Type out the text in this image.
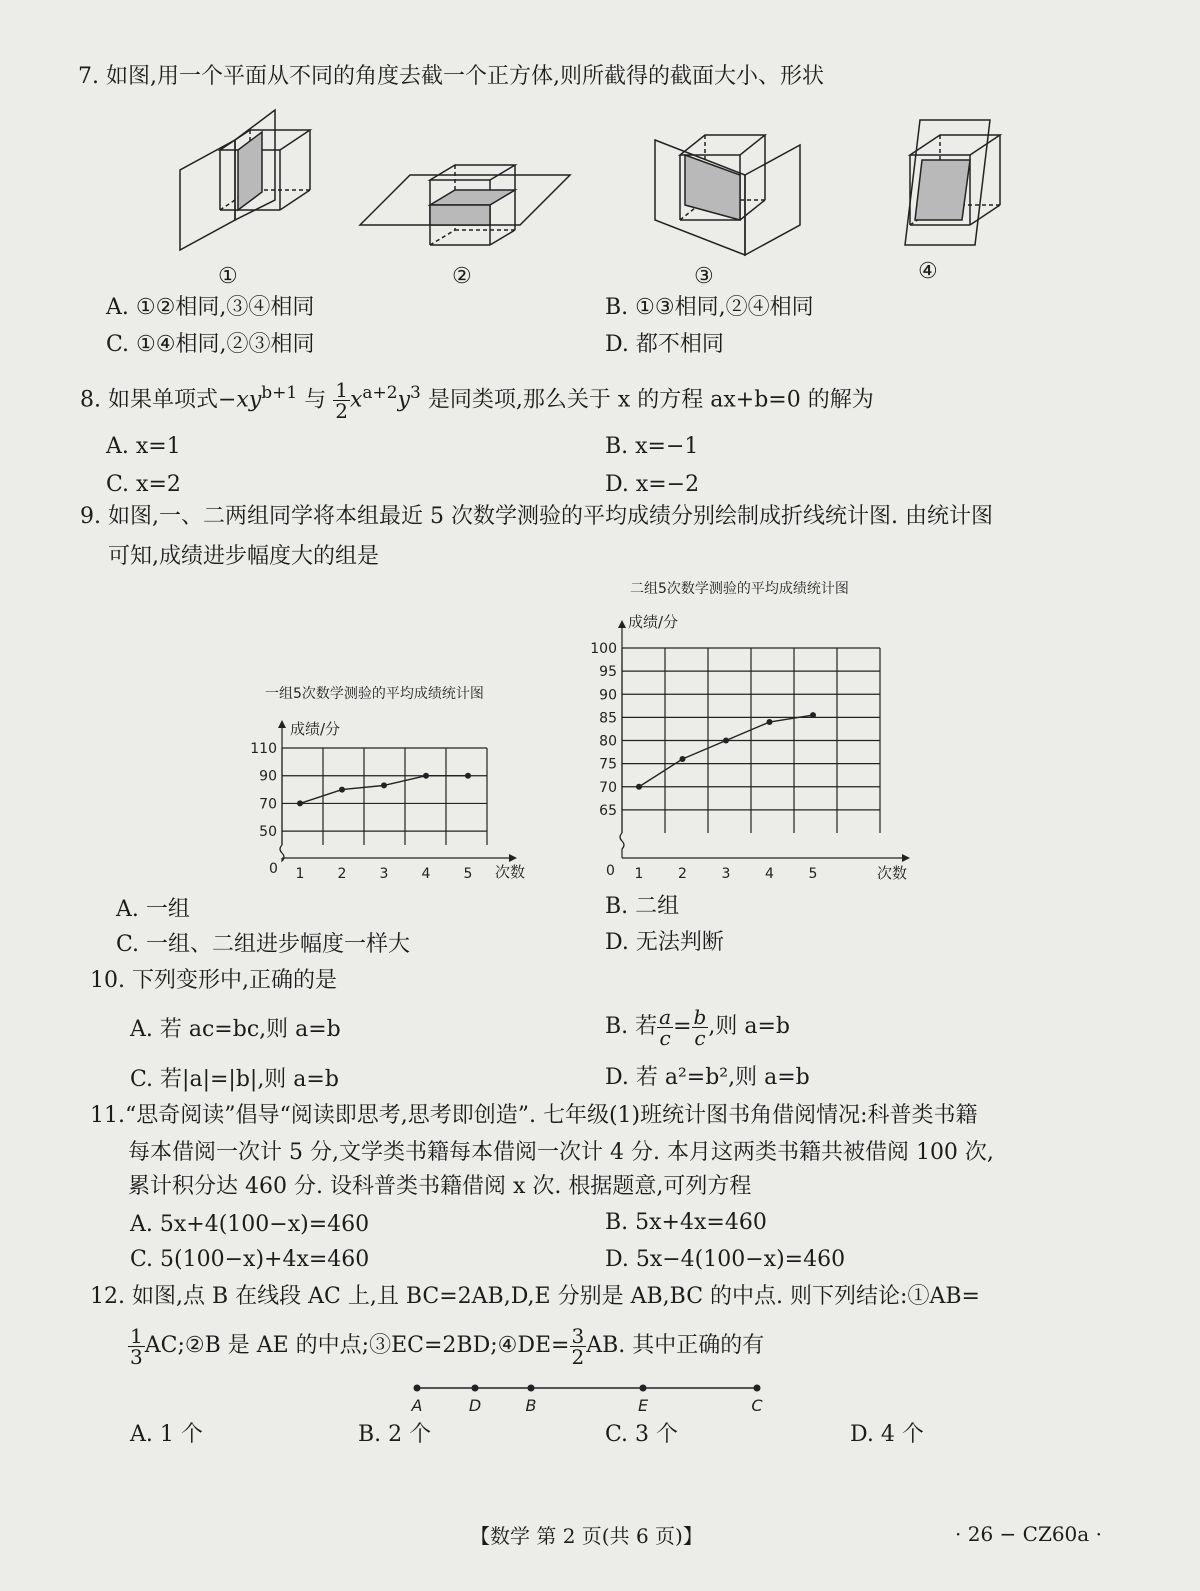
7. 如图,用一个平面从不同的角度去截一个正方体,则所截得的截面大小、形状
①	②	③	④
A. ①②相同,③④相同	B. ①③相同,②④相同
C. ①④相同,②③相同	D. 都不相同
8. 如果单项式$-xy^{b+1}$ 与 $\frac{1}{2} x^{a+2}y^3$ 是同类项,那么关于 x 的方程 ax+b=0 的解为
A. x=1	B. x=−1
C. x=2	D. x=−2
9. 如图,一、二两组同学将本组最近 5 次数学测验的平均成绩分别绘制成折线统计图. 由统计图
可知,成绩进步幅度大的组是
一组5次数学测验的平均成绩统计图
成绩/分
次数
0
50
70
90
110
1 2 3 4 5
二组5次数学测验的平均成绩统计图
成绩/分
次数
0
65
70
75
80
85
90
95
100
1 2 3 4 5
A. 一组	B. 二组
C. 一组、二组进步幅度一样大	D. 无法判断
10. 下列变形中,正确的是
A. 若 ac=bc,则 a=b	B. 若 $\frac{a}{c} = \frac{b}{c}$ ,则 a=b
C. 若|a|=|b|,则 a=b	D. 若 a²=b²,则 a=b
11.“思奇阅读”倡导“阅读即思考,思考即创造”. 七年级(1)班统计图书角借阅情况:科普类书籍
每本借阅一次计 5 分,文学类书籍每本借阅一次计 4 分. 本月这两类书籍共被借阅 100 次,
累计积分达 460 分. 设科普类书籍借阅 x 次. 根据题意,可列方程
A. 5x+4(100−x)=460	B. 5x+4x=460
C. 5(100−x)+4x=460	D. 5x−4(100−x)=460
12. 如图,点 B 在线段 AC 上,且 BC=2AB,D,E 分别是 AB,BC 的中点. 则下列结论:①AB=
$\frac{1}{3}$ AC;②B 是 AE 的中点;③EC=2BD;④DE= $\frac{3}{2}$ AB. 其中正确的有
A	D	B	E	C
A. 1 个	B. 2 个	C. 3 个	D. 4 个
【数学 第 2 页(共 6 页)】	· 26 − CZ60a ·
